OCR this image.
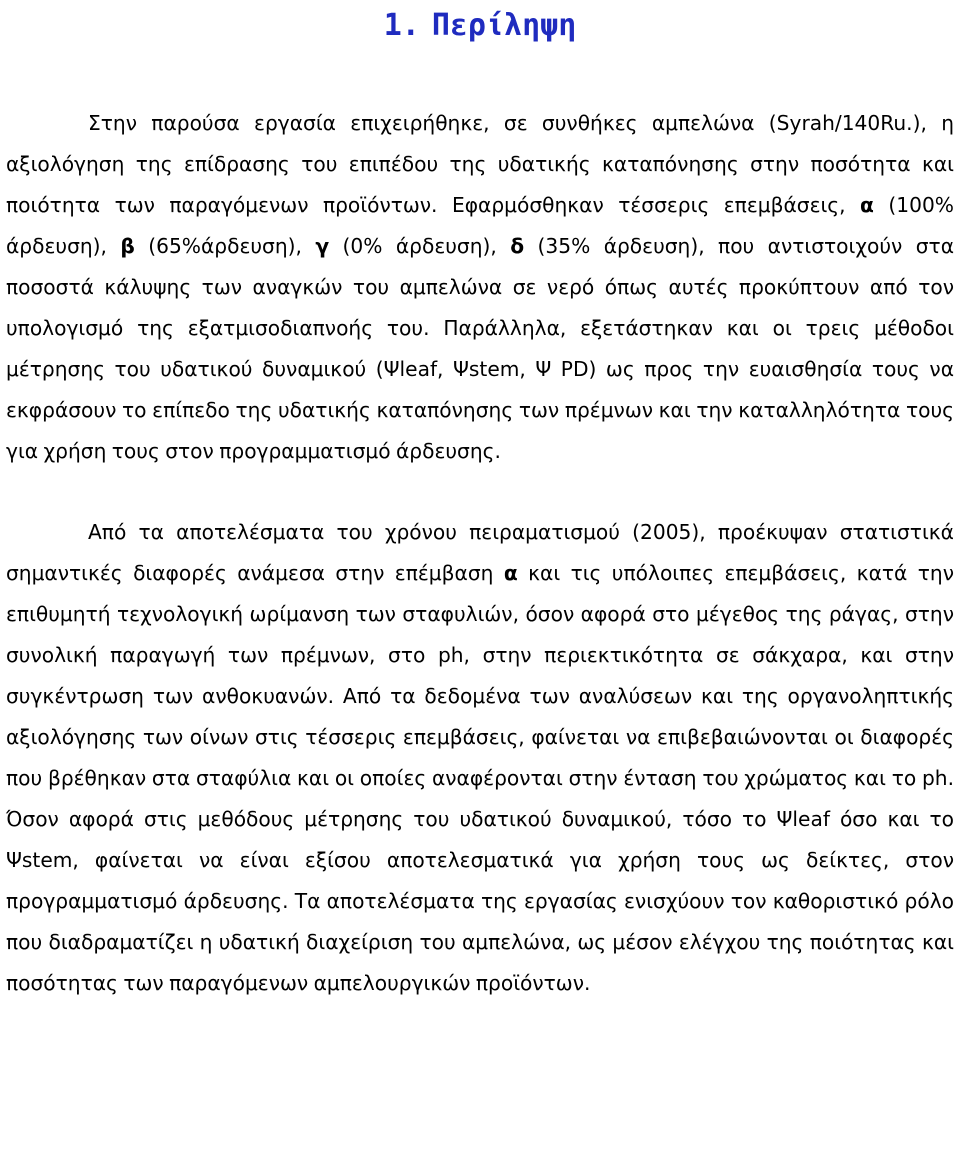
1. Περίληψη

Στην παρούσα εργασία επιχειρήθηκε, σε συνθήκες αμπελώνα (Syrah/140Ru.), η αξιολόγηση της επίδρασης του επιπέδου της υδατικής καταπόνησης στην ποσότητα και ποιότητα των παραγόμενων προϊόντων. Εφαρμόσθηκαν τέσσερις επεμβάσεις, α (100% άρδευση), β (65%άρδευση), γ (0% άρδευση), δ (35% άρδευση), που αντιστοιχούν στα ποσοστά κάλυψης των αναγκών του αμπελώνα σε νερό όπως αυτές προκύπτουν από τον υπολογισμό της εξατμισοδιαπνοής του. Παράλληλα, εξετάστηκαν και οι τρεις μέθοδοι μέτρησης του υδατικού δυναμικού (Ψleaf, Ψstem, Ψ PD) ως προς την ευαισθησία τους να εκφράσουν το επίπεδο της υδατικής καταπόνησης των πρέμνων και την καταλληλότητα τους για χρήση τους στον προγραμματισμό άρδευσης.

Από τα αποτελέσματα του χρόνου πειραματισμού (2005), προέκυψαν στατιστικά σημαντικές διαφορές ανάμεσα στην επέμβαση α και τις υπόλοιπες επεμβάσεις, κατά την επιθυμητή τεχνολογική ωρίμανση των σταφυλιών, όσον αφορά στο μέγεθος της ράγας, στην συνολική παραγωγή των πρέμνων, στο ph, στην περιεκτικότητα σε σάκχαρα, και στην συγκέντρωση των ανθοκυανών. Από τα δεδομένα των αναλύσεων και της οργανοληπτικής αξιολόγησης των οίνων στις τέσσερις επεμβάσεις, φαίνεται να επιβεβαιώνονται οι διαφορές που βρέθηκαν στα σταφύλια και οι οποίες αναφέρονται στην ένταση του χρώματος και το ph. Όσον αφορά στις μεθόδους μέτρησης του υδατικού δυναμικού, τόσο το Ψleaf όσο και το Ψstem, φαίνεται να είναι εξίσου αποτελεσματικά για χρήση τους ως δείκτες, στον προγραμματισμό άρδευσης. Τα αποτελέσματα της εργασίας ενισχύουν τον καθοριστικό ρόλο που διαδραματίζει η υδατική διαχείριση του αμπελώνα, ως μέσον ελέγχου της ποιότητας και ποσότητας των παραγόμενων αμπελουργικών προϊόντων.
